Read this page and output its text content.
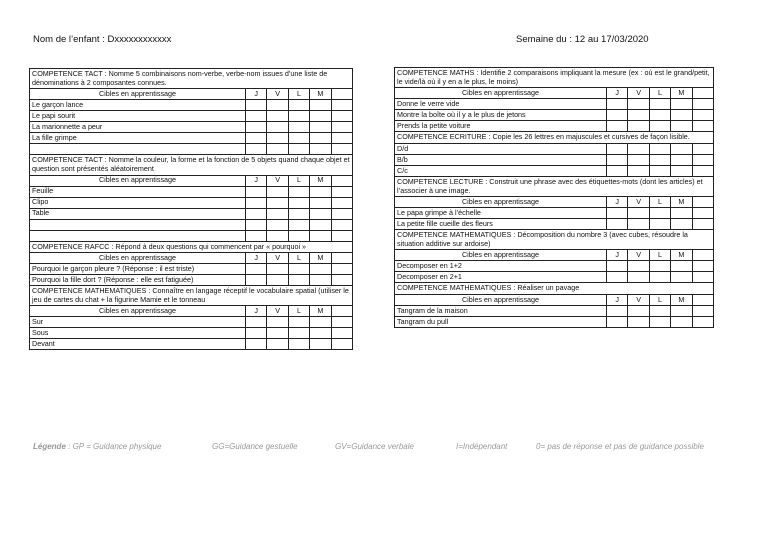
Nom de l’enfant : Dxxxxxxxxxxxx	Semaine du : 12 au 17/03/2020
COMPETENCE TACT : Nomme 5 combinaisons nom-verbe, verbe-nom issues d’une liste de dénominations à 2 composantes connues.					
Cibles en apprentissage	J	V	L	M	
Le garçon lance					
Le papi sourit					
La marionnette a peur					
La fille grimpe					

COMPETENCE TACT : Nomme la couleur, la forme et la fonction de 5 objets quand chaque objet et question sont présentés aléatoirement					
Cibles en apprentissage	J	V	L	M	
Feuille					
Clipo					
Table					

COMPETENCE RAFCC : Répond à deux questions qui commencent par « pourquoi »					
Cibles en apprentissage	J	V	L	M	
Pourquoi le garçon pleure ? (Réponse : il est triste)					
Pourquoi la fille dort ? (Réponse : elle est fatiguée)					
COMPETENCE MATHEMATIQUES : Connaître en langage réceptif le vocabulaire spatial (utiliser le jeu de cartes du chat + la figurine Mamie et le tonneau					
Cibles en apprentissage	J	V	L	M	
Sur					
Sous					
Devant					
COMPETENCE MATHS : Identifie 2 comparaisons impliquant la mesure (ex : où est le grand/petit, le vide/là où il y en a le plus, le moins)					
Cibles en apprentissage	J	V	L	M	
Donne le verre vide					
Montre la boîte où il y a le plus de jetons					
Prends la petite voiture					
COMPETENCE ECRITURE : Copie les 26 lettres en majuscules et cursives de façon lisible.					
D/d					
B/b					
C/c					
COMPETENCE LECTURE : Construit une phrase avec des étiquettes-mots (dont les articles) et l’associer à une image.					
Cibles en apprentissage	J	V	L	M	
Le papa grimpe à l’échelle					
La petite fille cueille des fleurs					
COMPETENCE MATHEMATIQUES : Décomposition du nombre 3 (avec cubes, résoudre la situation additive sur ardoise)					
Cibles en apprentissage	J	V	L	M	
Decomposer en 1+2					
Decomposer en 2+1					
COMPETENCE MATHEMATIQUES : Réaliser un pavage					
Cibles en apprentissage	J	V	L	M	
Tangram de la maison					
Tangram du pull					
Légende : GP = Guidance physique	GG=Guidance gestuelle	GV=Guidance verbale	I=Indépendant	0= pas de réponse et pas de guidance possible
